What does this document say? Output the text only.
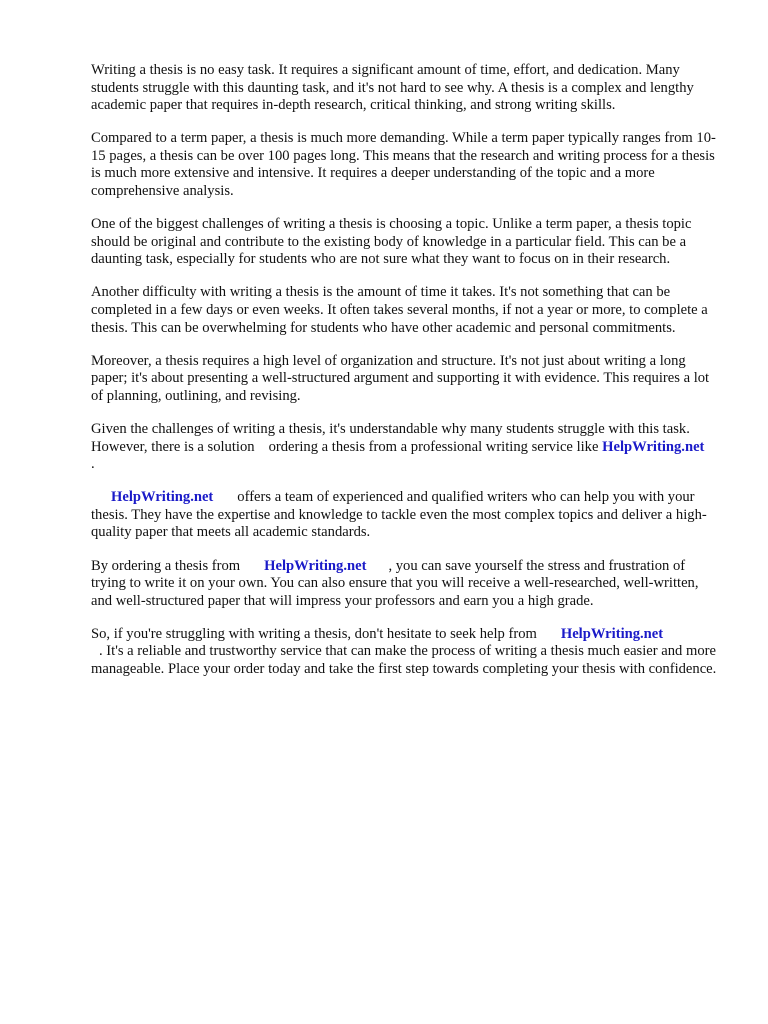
Writing a thesis is no easy task. It requires a significant amount of time, effort, and dedication. Many students struggle with this daunting task, and it's not hard to see why. A thesis is a complex and lengthy academic paper that requires in-depth research, critical thinking, and strong writing skills.

Compared to a term paper, a thesis is much more demanding. While a term paper typically ranges from 10-15 pages, a thesis can be over 100 pages long. This means that the research and writing process for a thesis is much more extensive and intensive. It requires a deeper understanding of the topic and a more comprehensive analysis.

One of the biggest challenges of writing a thesis is choosing a topic. Unlike a term paper, a thesis topic should be original and contribute to the existing body of knowledge in a particular field. This can be a daunting task, especially for students who are not sure what they want to focus on in their research.

Another difficulty with writing a thesis is the amount of time it takes. It's not something that can be completed in a few days or even weeks. It often takes several months, if not a year or more, to complete a thesis. This can be overwhelming for students who have other academic and personal commitments.

Moreover, a thesis requires a high level of organization and structure. It's not just about writing a long paper; it's about presenting a well-structured argument and supporting it with evidence. This requires a lot of planning, outlining, and revising.

Given the challenges of writing a thesis, it's understandable why many students struggle with this task. However, there is a solution ordering a thesis from a professional writing service like HelpWriting.net.

HelpWriting.net offers a team of experienced and qualified writers who can help you with your thesis. They have the expertise and knowledge to tackle even the most complex topics and deliver a high-quality paper that meets all academic standards.

By ordering a thesis from HelpWriting.net , you can save yourself the stress and frustration of trying to write it on your own. You can also ensure that you will receive a well-researched, well-written, and well-structured paper that will impress your professors and earn you a high grade.

So, if you're struggling with writing a thesis, don't hesitate to seek help from HelpWriting.net
. It's a reliable and trustworthy service that can make the process of writing a thesis much easier and more manageable. Place your order today and take the first step towards completing your thesis with confidence.
